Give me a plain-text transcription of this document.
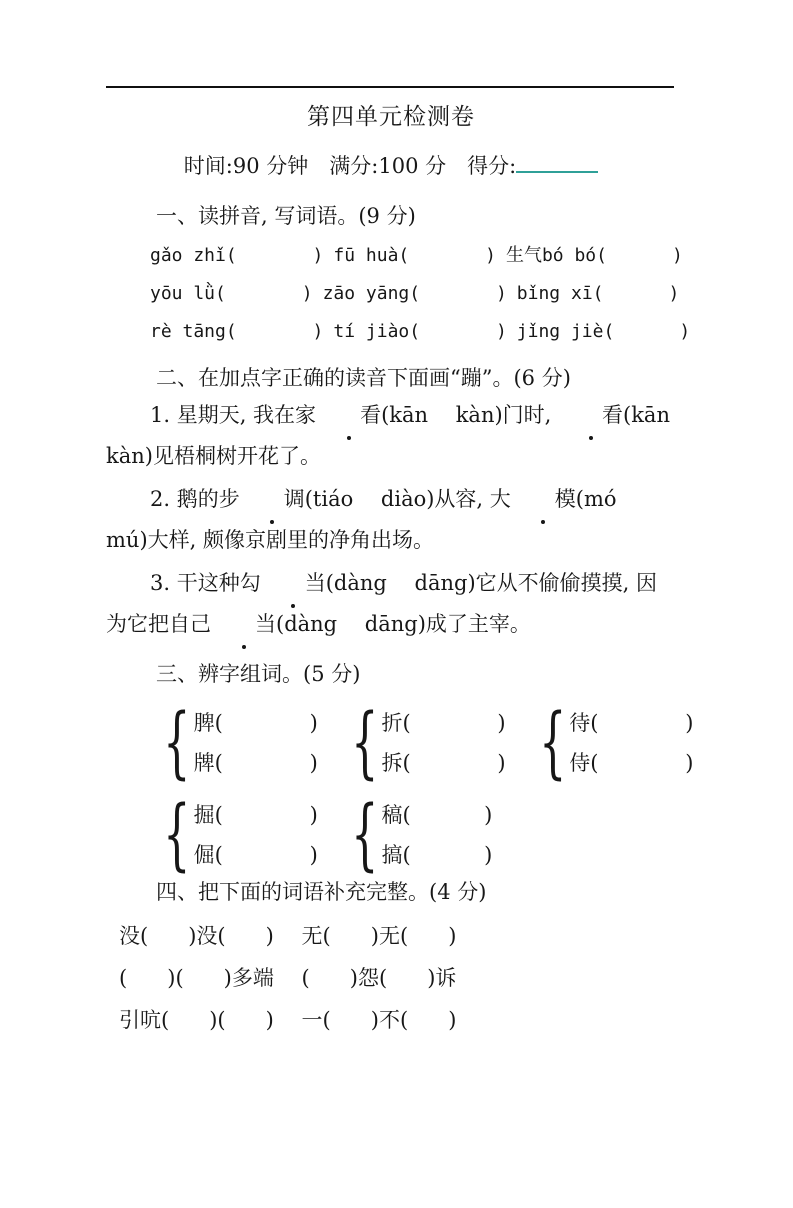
第四单元检测卷
时间:90 分钟　满分:100 分　得分:

一、读拼音, 写词语。(9 分)

gǎo zhǐ(       ) fū huà(       ) 生气bó bó(      )
yōu lǜ(       ) zāo yāng(       ) bǐng xī(      )
rè tāng(       ) tí jiào(       ) jǐng jiè(      )

二、在加点字正确的读音下面画“蹦”。(6 分)

1. 星期天, 我在家 看(kān　 kàn)门时, 看(kān　 kàn)见梧桐树开花了。

2. 鹅的步 调(tiáo　 diào)从容, 大 模(mó　 mú)大样, 颇像京剧里的净角出场。

3. 干这种勾 当(dàng　 dāng)它从不偷偷摸摸, 因为它把自己 当(dàng　 dāng)成了主宰。

三、辨字组词。(5 分)

{ 脾(             )
牌(             ) { 折(             )
拆(             ) { 待(             )
侍(             )
{ 掘(             )
倔(             ) { 稿(           )
搞(           )

四、把下面的词语补充完整。(4 分)

没(      )没(      )　 无(      )无(      )

(      )(      )多端　 (      )怨(      )诉

引吭(      )(      )　 一(      )不(      )
